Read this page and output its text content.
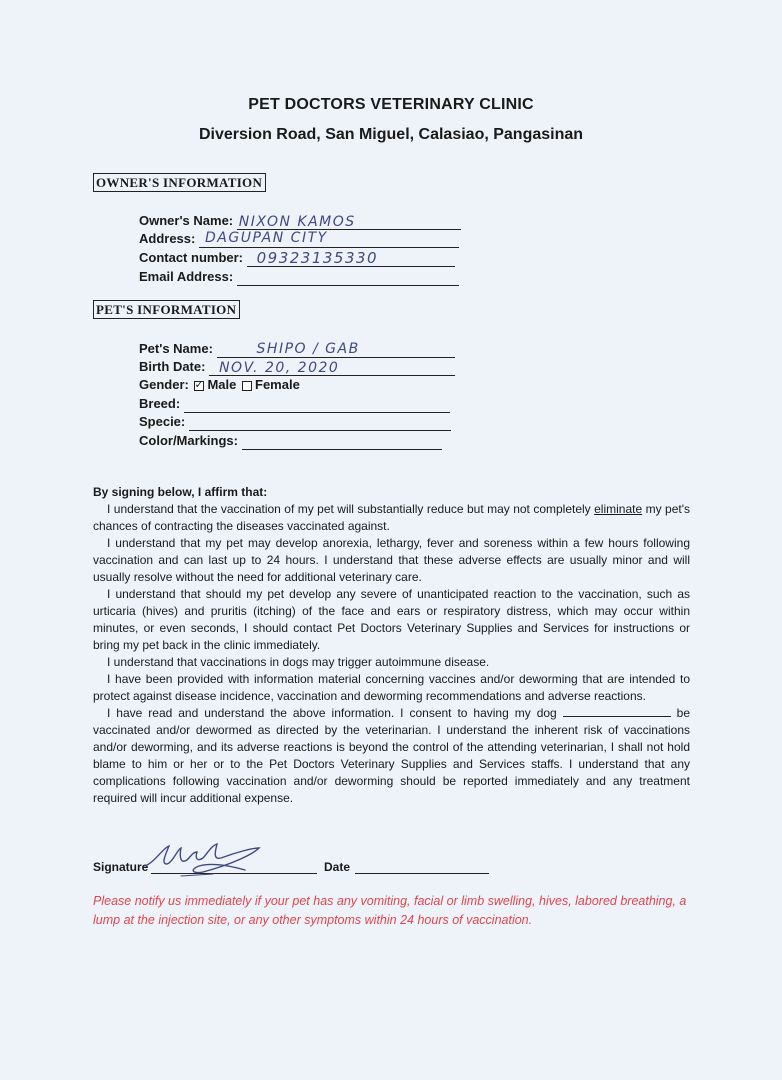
PET DOCTORS VETERINARY CLINIC
Diversion Road, San Miguel, Calasiao, Pangasinan
OWNER'S INFORMATION
Owner's Name: NIXON KAMOS
Address: DAGUPAN CITY
Contact number: 09323135330
Email Address:
PET'S INFORMATION
Pet's Name:	SHIPO / GAB
Birth Date: NOV. 20, 2020
Gender: ✓ Male Female
Breed:
Specie:
Color/Markings:
By signing below, I affirm that:

I understand that the vaccination of my pet will substantially reduce but may not completely eliminate my pet's chances of contracting the diseases vaccinated against.

I understand that my pet may develop anorexia, lethargy, fever and soreness within a few hours following vaccination and can last up to 24 hours. I understand that these adverse effects are usually minor and will usually resolve without the need for additional veterinary care.

I understand that should my pet develop any severe of unanticipated reaction to the vaccination, such as urticaria (hives) and pruritis (itching) of the face and ears or respiratory distress, which may occur within minutes, or even seconds, I should contact Pet Doctors Veterinary Supplies and Services for instructions or bring my pet back in the clinic immediately.

I understand that vaccinations in dogs may trigger autoimmune disease.

I have been provided with information material concerning vaccines and/or deworming that are intended to protect against disease incidence, vaccination and deworming recommendations and adverse reactions.

I have read and understand the above information. I consent to having my dog	be vaccinated and/or dewormed as directed by the veterinarian. I understand the inherent risk of vaccinations and/or deworming, and its adverse reactions is beyond the control of the attending veterinarian, I shall not hold blame to him or her or to the Pet Doctors Veterinary Supplies and Services staffs. I understand that any complications following vaccination and/or deworming should be reported immediately and any treatment required will incur additional expense.

Signature	Date
Please notify us immediately if your pet has any vomiting, facial or limb swelling, hives, labored breathing, a lump at the injection site, or any other symptoms within 24 hours of vaccination.
